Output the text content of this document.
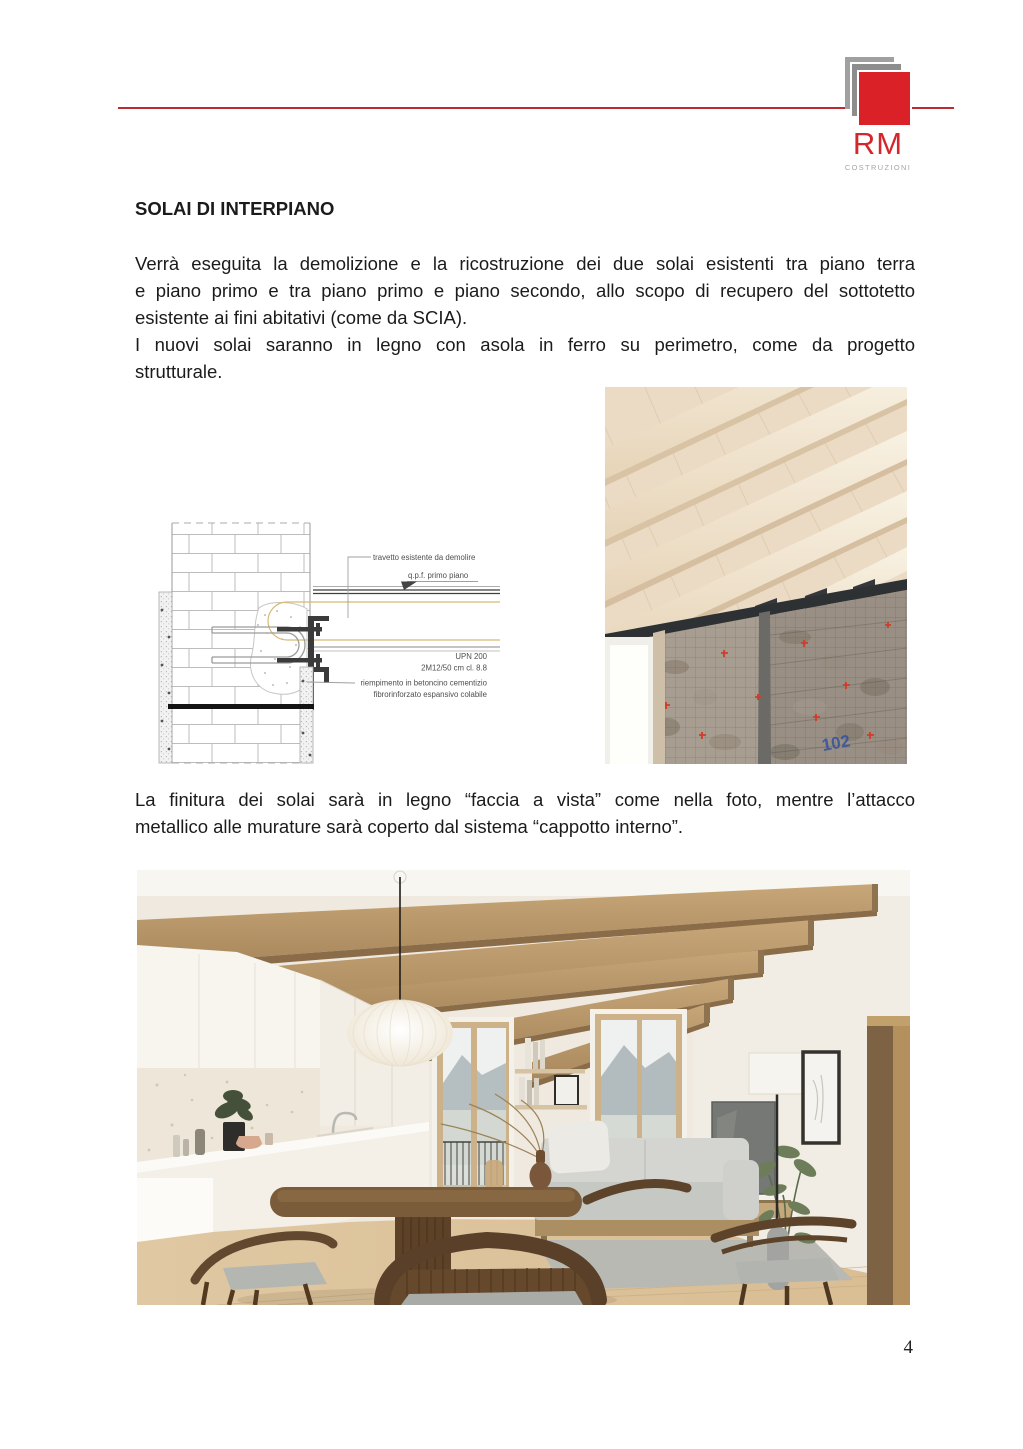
RM
COSTRUZIONI
SOLAI DI INTERPIANO
Verrà eseguita la demolizione e la ricostruzione dei due solai esistenti tra piano terra
e piano primo e tra piano primo e piano secondo, allo scopo di recupero del sottotetto
esistente ai fini abitativi (come da SCIA).
I nuovi solai saranno in legno con asola in ferro su perimetro, come da progetto
strutturale.
travetto esistente da demolire
q.p.f. primo piano
UPN 200
2M12/50 cm cl. 8.8
riempimento in betoncino cementizio
fibrorinforzato espansivo colabile
102
La finitura dei solai sarà in legno “faccia a vista” come nella foto, mentre l’attacco
metallico alle murature sarà coperto dal sistema “cappotto interno”.
4
